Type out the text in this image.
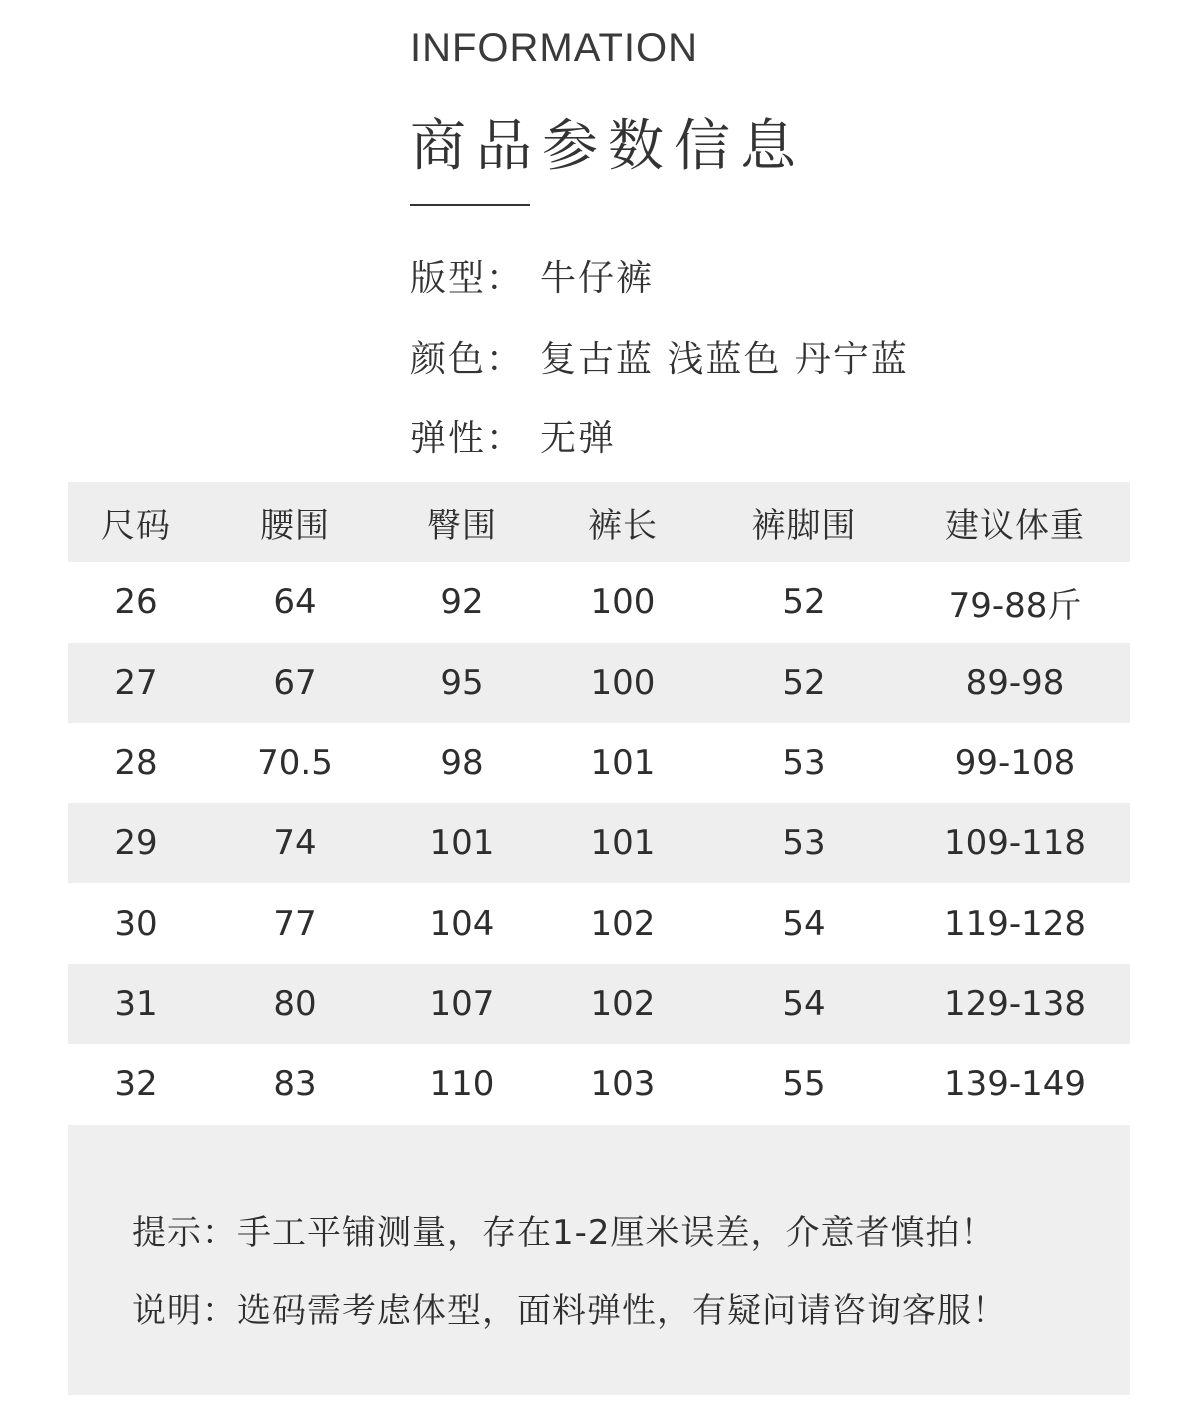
INFORMATION
商品参数信息
版型： 牛仔裤
颜色： 复古蓝 浅蓝色 丹宁蓝
弹性： 无弹
尺码	腰围	臀围	裤长	裤脚围	建议体重
26	64	92	100	52	79-88斤
27	67	95	100	52	89-98
28	70.5	98	101	53	99-108
29	74	101	101	53	109-118
30	77	104	102	54	119-128
31	80	107	102	54	129-138
32	83	110	103	55	139-149
提示：手工平铺测量，存在1-2厘米误差，介意者慎拍！
说明：选码需考虑体型，面料弹性，有疑问请咨询客服！
